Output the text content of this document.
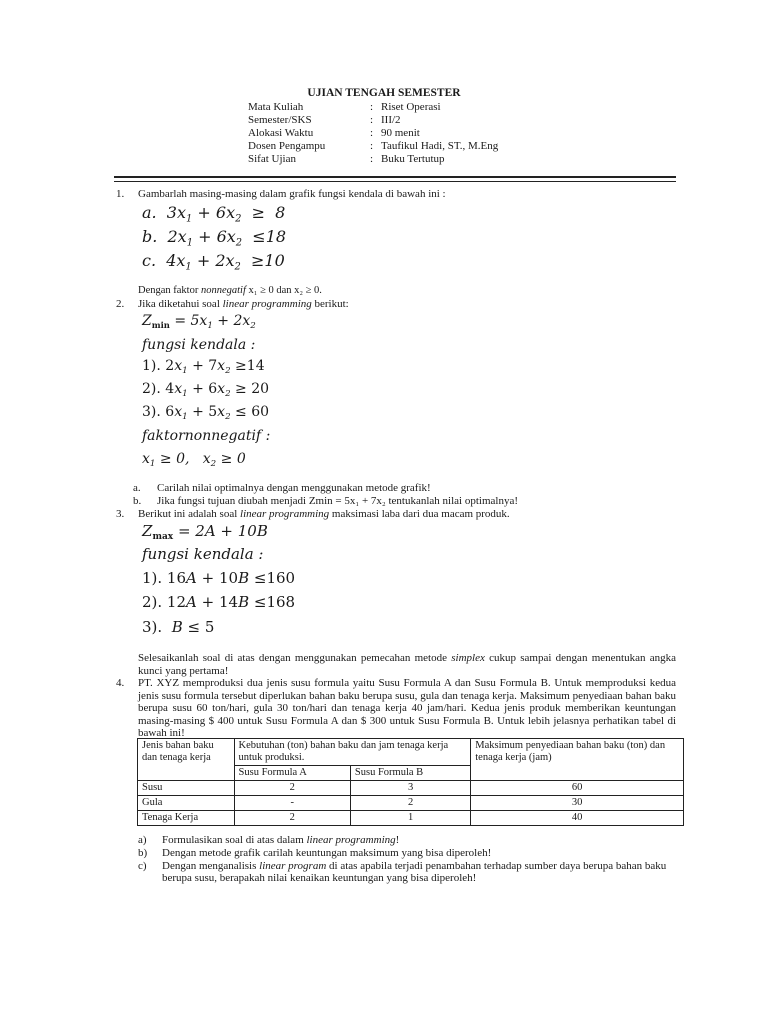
UJIAN TENGAH SEMESTER
Mata Kuliah	: Riset Operasi
Semester/SKS	: III/2
Alokasi Waktu	: 90 menit
Dosen Pengampu	: Taufikul Hadi, ST., M.Eng
Sifat Ujian	: Buku Tertutup
1. Gambarlah masing-masing dalam grafik fungsi kendala di bawah ini :
a.  $3x_1 + 6x_2 \ge 8$
b.  $2x_1 + 6x_2 \le 18$
c.  $4x_1 + 2x_2 \ge 10$
Dengan faktor nonnegatif x₁ ≥ 0 dan x₂ ≥ 0.
2. Jika diketahui soal linear programming berikut:
$Z_{min} = 5x_1 + 2x_2$
fungsi kendala :
1). $2x_1 + 7x_2 \ge 14$
2). $4x_1 + 6x_2 \ge 20$
3). $6x_1 + 5x_2 \le 60$
faktornonnegatif :
$x_1 \ge 0$,   $x_2 \ge 0$
a. Carilah nilai optimalnya dengan menggunakan metode grafik!
b. Jika fungsi tujuan diubah menjadi Zmin = 5x₁ + 7x₂ tentukanlah nilai optimalnya!
3. Berikut ini adalah soal linear programming maksimasi laba dari dua macam produk.
$Z_{max} = 2A + 10B$
fungsi kendala :
1). 16A + 10B ≤160
2). 12A + 14B ≤168
3).  B ≤ 5
Selesaikanlah soal di atas dengan menggunakan pemecahan metode simplex cukup sampai dengan menentukan angka kunci yang pertama!
4. PT. XYZ memproduksi dua jenis susu formula yaitu Susu Formula A dan Susu Formula B. Untuk memproduksi kedua jenis susu formula tersebut diperlukan bahan baku berupa susu, gula dan tenaga kerja. Maksimum penyediaan bahan baku berupa susu 60 ton/hari, gula 30 ton/hari dan tenaga kerja 40 jam/hari. Kedua jenis produk memberikan keuntungan masing-masing $ 400 untuk Susu Formula A dan $ 300 untuk Susu Formula B. Untuk lebih jelasnya perhatikan tabel di bawah ini!
Jenis bahan baku dan tenaga kerja	Kebutuhan (ton) bahan baku dan jam tenaga kerja untuk produksi.		Maksimum penyediaan bahan baku (ton) dan tenaga kerja (jam)
	Susu Formula A	Susu Formula B	
Susu	2	3	60
Gula	-	2	30
Tenaga Kerja	2	1	40
a) Formulasikan soal di atas dalam linear programming!
b) Dengan metode grafik carilah keuntungan maksimum yang bisa diperoleh!
c) Dengan menganalisis linear program di atas apabila terjadi penambahan terhadap sumber daya berupa bahan baku berupa susu, berapakah nilai kenaikan keuntungan yang bisa diperoleh!
